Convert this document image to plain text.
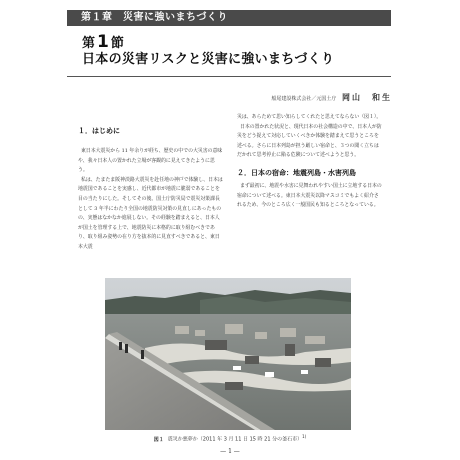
第１章　災害に強いまちづくり
第 1 節
日本の災害リスクと災害に強いまちづくり
船尾建設株式会社／元国土庁 岡山　和生
１．はじめに

東日本大震災から 11 年余りが経ち、歴史の中での大災害の意味や、我々日本人の置かれた立場が客観的に見えてきたように思う。

私は、たまたま阪神淡路大震災を赴任地の神戸で体験し、日本は地震国であることを実感し、近代都市が地震に脆弱であることを目の当たりにした。そしてその後、国土庁防災局で震災対策課長として 3 年半にわたり全国の地震防災対策の見直しにあったものの、実態はなかなか進展しない。その経験を踏まえると、日本人が国土を管理する上で、地震防災に本格的に取り組むべきであり、取り組み姿勢の在り方を抜本的に見直すべきであると、東日本大震

災は、あらためて思い知らしてくれたと思えてならない（図１）。

日本の置かれた状況と、現代日本の社会構造の中で、日本人が防災をどう捉えて対応していくべきか体験を踏まえて思うところを述べる。さらに日本列島が担う厳しい宿命と、３つの聞く立ちはだかれて思考停止に陥る危険について述べようと思う。

２．日本の宿命：地震列島・水害列島

まず最初に、地震や水害に見舞われやすい国土に立地する日本の宿命について述べる。東日本大震災以降マスコミでもよく紹介されるため、今のところ広く一般国民も知るところとなっている。

図１ 震災か悪夢か（2011 年 3 月 11 日 15 時 21 分の釜石市）$^{1)}$
— 1 —
